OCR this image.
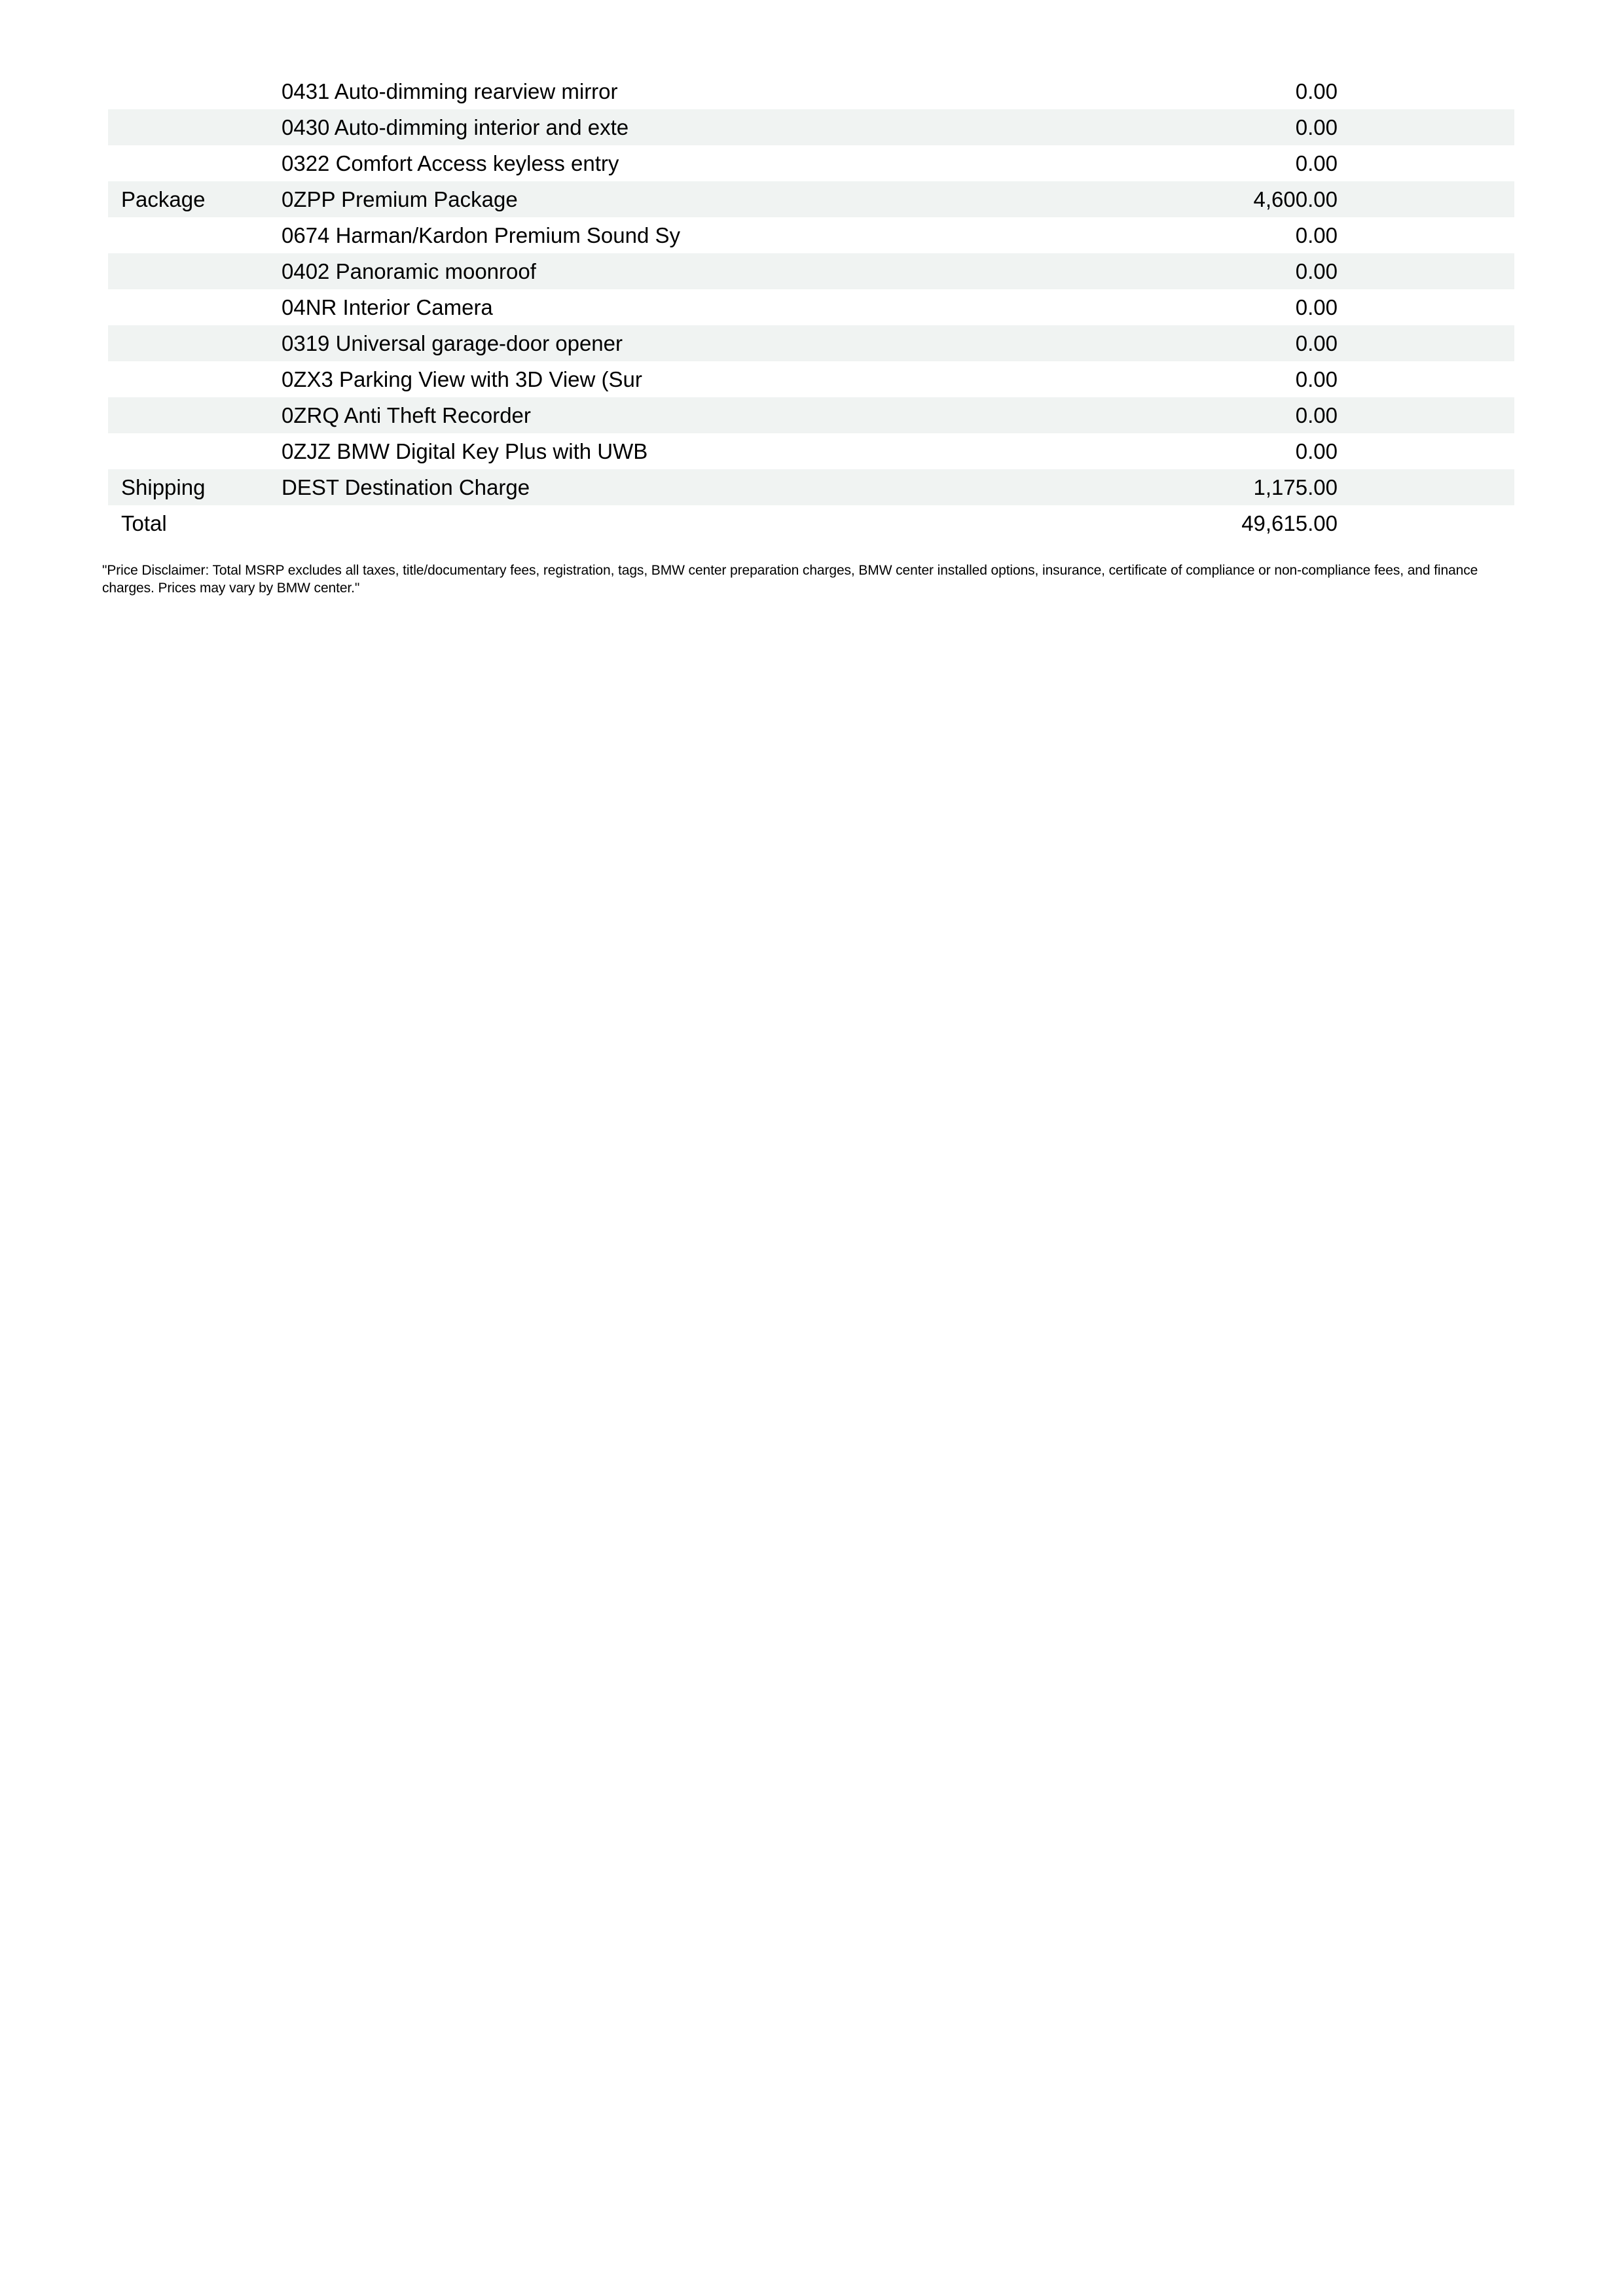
	0431 Auto-dimming rearview mirror	0.00	
	0430 Auto-dimming interior and exte	0.00	
	0322 Comfort Access keyless entry	0.00	
Package	0ZPP Premium Package	4,600.00	
	0674 Harman/Kardon Premium Sound Sy	0.00	
	0402 Panoramic moonroof	0.00	
	04NR Interior Camera	0.00	
	0319 Universal garage-door opener	0.00	
	0ZX3 Parking View with 3D View (Sur	0.00	
	0ZRQ Anti Theft Recorder	0.00	
	0ZJZ BMW Digital Key Plus with UWB	0.00	
Shipping	DEST Destination Charge	1,175.00	
Total		49,615.00	
"Price Disclaimer: Total MSRP excludes all taxes, title/documentary fees, registration, tags, BMW center preparation charges, BMW center installed options, insurance, certificate of compliance or non-compliance fees, and finance charges. Prices may vary by BMW center."
